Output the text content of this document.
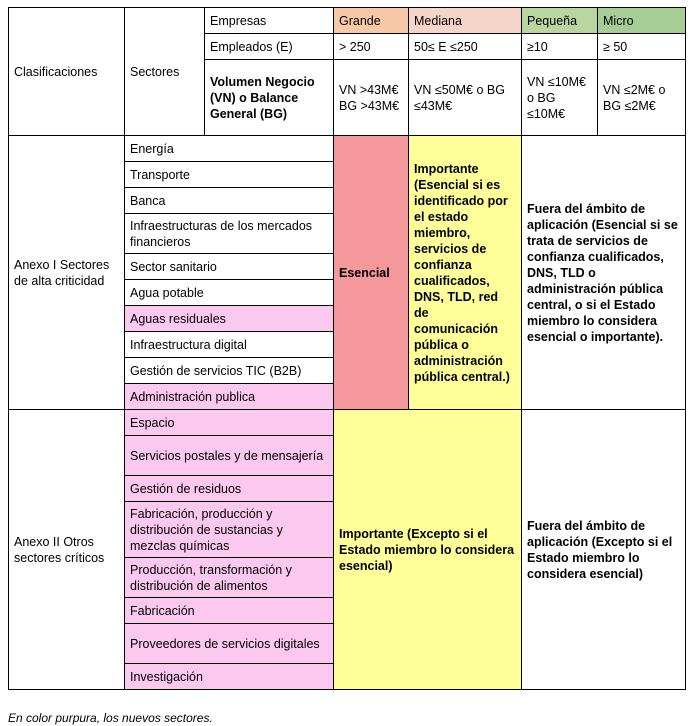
Clasificaciones	Sectores	Empresas	Grande	Mediana	Pequeña	Micro
		Empleados (E)	> 250	50≤ E ≤250	≥10	≥ 50
		Volumen Negocio (VN) o Balance General (BG)	VN >43M€ BG >43M€	VN ≤50M€ o BG ≤43M€	VN ≤10M€ o BG ≤10M€	VN ≤2M€ o BG ≤2M€
Anexo I Sectores de alta criticidad	Energía		Esencial	Importante (Esencial si es identificado por el estado miembro, servicios de confianza cualificados, DNS, TLD, red de comunicación pública o administración pública central.)	Fuera del ámbito de aplicación (Esencial si se trata de servicios de confianza cualificados, DNS, TLD o administración pública central, o si el Estado miembro lo considera esencial o importante).	
	Transporte					
	Banca					
	Infraestructuras de los mercados financieros					
	Sector sanitario					
	Agua potable					
	Aguas residuales					
	Infraestructura digital					
	Gestión de servicios TIC (B2B)					
	Administración publica					
Anexo II Otros sectores críticos	Espacio		Importante (Excepto si el Estado miembro lo considera esencial)		Fuera del ámbito de aplicación (Excepto si el Estado miembro lo considera esencial)	
	Servicios postales y de mensajería					
	Gestión de residuos					
	Fabricación, producción y distribución de sustancias y mezclas químicas					
	Producción, transformación y distribución de alimentos					
	Fabricación					
	Proveedores de servicios digitales					
	Investigación					
En color purpura, los nuevos sectores.
